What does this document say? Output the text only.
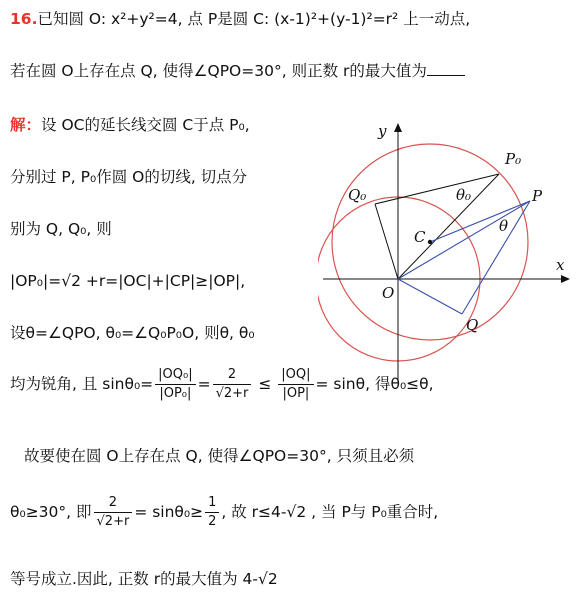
16.已知圆 O: x²+y²=4, 点 P是圆 C: (x-1)²+(y-1)²=r² 上一动点,
若在圆 O上存在点 Q, 使得∠QPO=30°, 则正数 r的最大值为
解：设 OC的延长线交圆 C于点 P₀,
分别过 P, P₀作圆 O的切线, 切点分
别为 Q, Q₀, 则
|OP₀|=√2 +r=|OC|+|CP|≥|OP|,
设θ=∠QPO, θ₀=∠Q₀P₀O, 则θ, θ₀
均为锐角, 且 $\sin\theta_0= \frac{\text{|OQ₀|}}{\text{|OP₀|}} = \frac{2}{√2+r} \le \frac{|OQ|}{|OP|} = \sin\theta$, 得θ₀≤θ,
故要使在圆 O上存在点 Q, 使得∠QPO=30°, 只须且必须
θ₀≥30°, 即 $\frac{2}{√2+r} = \sin\theta_0\ge \frac{1}{2}$ , 故 r≤4-√2 , 当 P与 P₀重合时,
等号成立.因此, 正数 r的最大值为 4-√2
y
x
O
C
P
P₀
Q
Q₀
θ
θ₀
